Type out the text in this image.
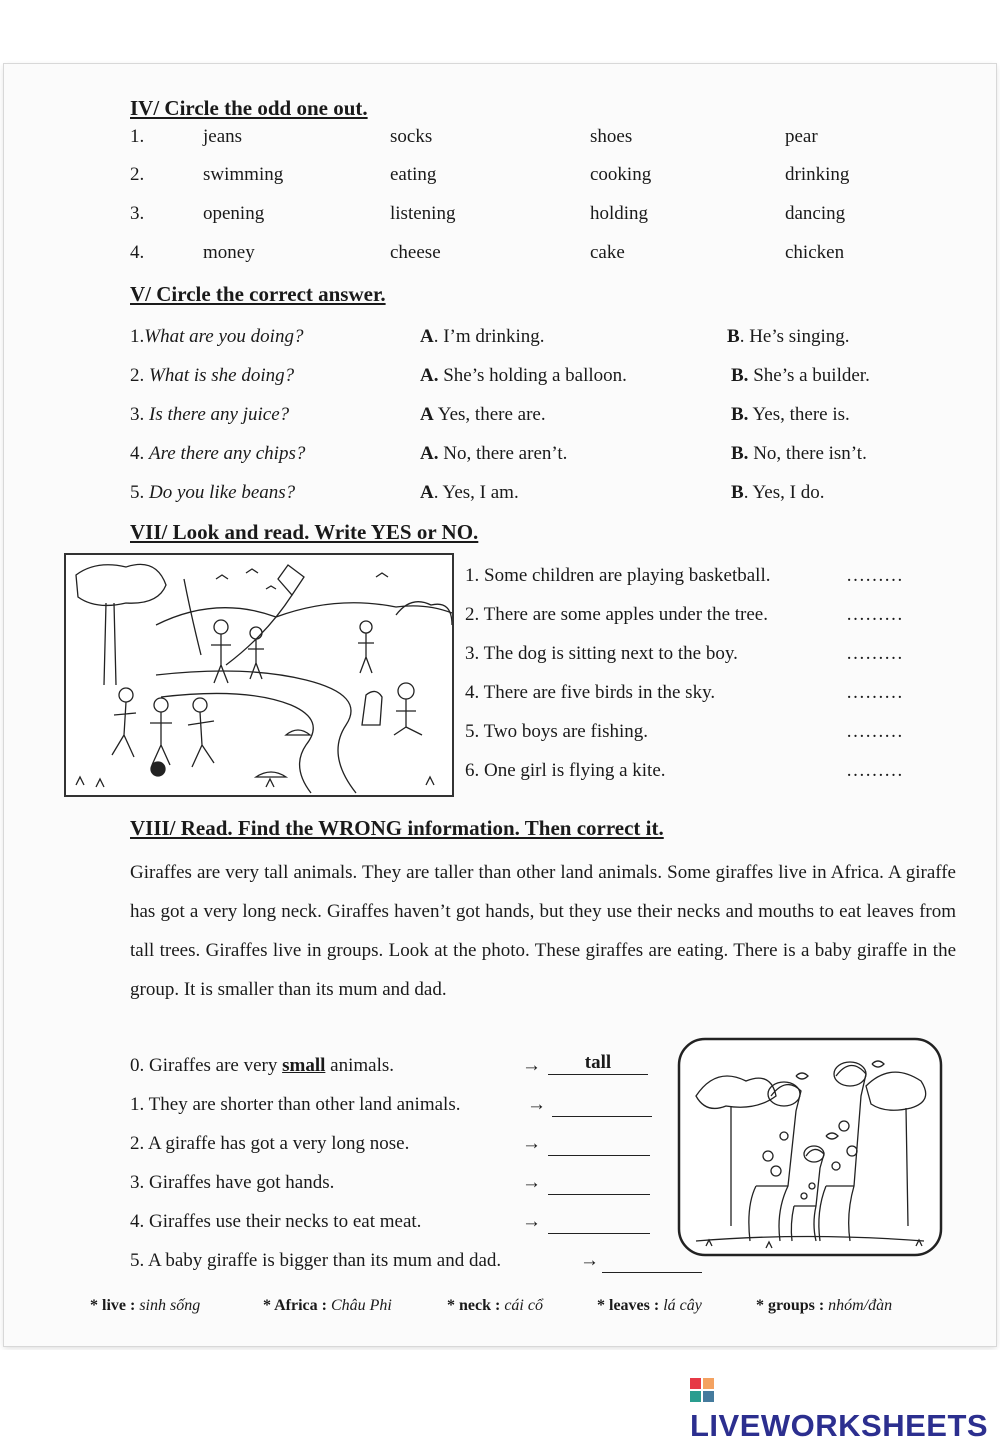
IV/ Circle the odd one out.
1.	jeans	socks	shoes	pear
2.	swimming	eating	cooking	drinking
3.	opening	listening	holding	dancing
4.	money	cheese	cake	chicken
V/ Circle the correct answer.
1.What are you doing?	A. I’m drinking.	B. He’s singing.
2. What is she doing?	A. She’s holding a balloon.	B. She’s a builder.
3. Is there any juice?	A Yes, there are.	B. Yes, there is.
4. Are there any chips?	A. No, there aren’t.	B. No, there isn’t.
5. Do you like beans?	A. Yes, I am.	B. Yes, I do.
VII/ Look and read. Write YES or NO.
1. Some children are playing basketball.	………
2. There are some apples under the tree.	………
3. The dog is sitting next to the boy.	………
4. There are five birds in the sky.	………
5. Two boys are fishing.	………
6. One girl is flying a kite.	………
VIII/ Read. Find the WRONG information. Then correct it.
Giraffes are very tall animals. They are taller than other land animals. Some giraffes live in Africa. A giraffe has got a very long neck. Giraffes haven’t got hands, but they use their necks and mouths to eat leaves from tall trees. Giraffes live in groups. Look at the photo. These giraffes are eating. There is a baby giraffe in the group. It is smaller than its mum and dad.
0. Giraffes are very small animals.	→	tall
1. They are shorter than other land animals.	→
2. A giraffe has got a very long nose.	→
3. Giraffes have got hands.	→
4. Giraffes use their necks to eat meat.	→
5. A baby giraffe is bigger than its mum and dad.	→
* live : sinh sống	* Africa : Châu Phi	* neck : cái cổ	* leaves : lá cây	* groups : nhóm/đàn
LIVEWORKSHEETS
